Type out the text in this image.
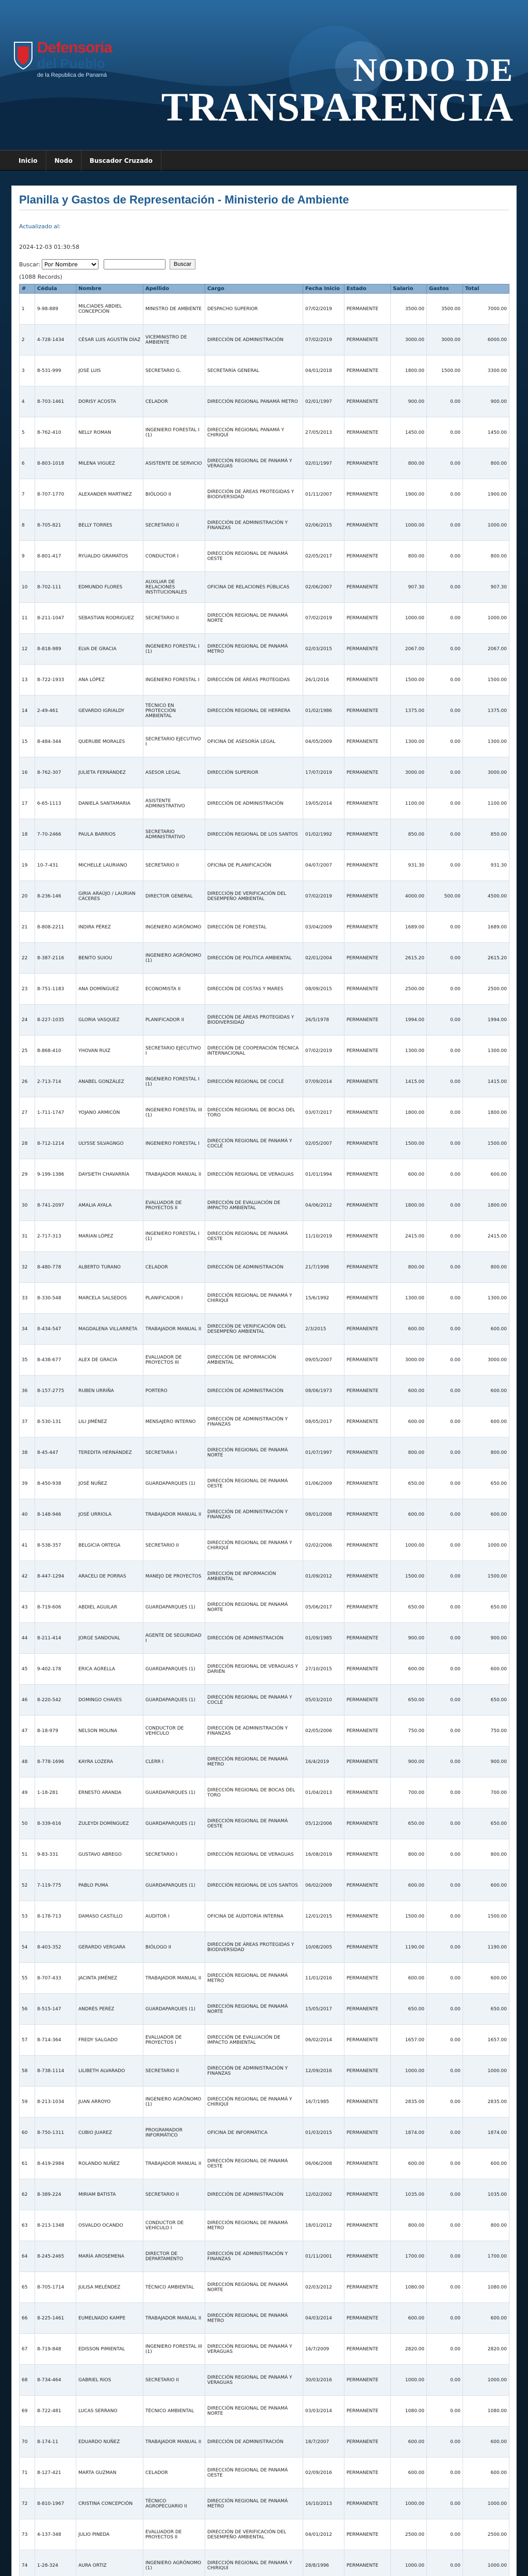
Defensoria
del Pueblo
de la Republica de Panamá	NODO DE
TRANSPARENCIA
Inicio	Nodo	Buscador Cruzado
Planilla y Gastos de Representación - Ministerio de Ambiente
Actualizado al:
2024-12-03 01:30:58
Buscar:
Por Nombre	Buscar
(1088 Records)
#	Cédula	Nombre	Apellido	Cargo	Fecha Inicio	Estado	Salario	Gastos	Total
1	9-98-889	MILCIADES ABDIEL CONCEPCIÓN	MINISTRO DE AMBIENTE	DESPACHO SUPERIOR	07/02/2019	PERMANENTE	3500.00	3500.00	7000.00
2	4-728-1434	CÉSAR LUIS AGUSTÍN DÍAZ	VICEMINISTRO DE AMBIENTE	DIRECCIÓN DE ADMINISTRACIÓN	07/02/2019	PERMANENTE	3000.00	3000.00	6000.00
3	8-531-999	JOSÉ LUIS	SECRETARIO G.	SECRETARÍA GENERAL	04/01/2018	PERMANENTE	1800.00	1500.00	3300.00
4	8-703-1461	DORISY ACOSTA	CELADOR	DIRECCIÓN REGIONAL PANAMÁ METRO	02/01/1997	PERMANENTE	900.00	0.00	900.00
5	8-762-410	NELLY ROMAN	INGENIERO FORESTAL I (1)	DIRECCIÓN REGIONAL PANAMÁ Y CHIRIQUÍ	27/05/2013	PERMANENTE	1450.00	0.00	1450.00
6	8-803-1018	MILENA VIGUEZ	ASISTENTE DE SERVICIO	DIRECCIÓN REGIONAL DE PANAMÁ Y VERAGUAS	02/01/1997	PERMANENTE	800.00	0.00	800.00
7	8-707-1770	ALEXANDER MARTINEZ	BIÓLOGO II	DIRECCIÓN DE ÁREAS PROTEGIDAS Y BIODIVERSIDAD	01/11/2007	PERMANENTE	1900.00	0.00	1900.00
8	8-705-821	BELLY TORRES	SECRETARIO II	DIRECCIÓN DE ADMINISTRACIÓN Y FINANZAS	02/06/2015	PERMANENTE	1000.00	0.00	1000.00
9	8-801-417	RYUALDO GRAMATOS	CONDUCTOR I	DIRECCIÓN REGIONAL DE PANAMÁ OESTE	02/05/2017	PERMANENTE	800.00	0.00	800.00
10	8-702-111	EDMUNDO FLORES	AUXILIAR DE RELACIONES INSTITUCIONALES	OFICINA DE RELACIONES PÚBLICAS	02/06/2007	PERMANENTE	907.30	0.00	907.30
11	8-211-1047	SEBASTIAN RODRIGUEZ	SECRETARIO II	DIRECCIÓN REGIONAL DE PANAMÁ NORTE	07/02/2019	PERMANENTE	1000.00	0.00	1000.00
12	8-818-989	ELVA DE GRACIA	INGENIERO FORESTAL I (1)	DIRECCIÓN REGIONAL DE PANAMÁ METRO	02/03/2015	PERMANENTE	2067.00	0.00	2067.00
13	8-722-1933	ANA LÓPEZ	INGENIERO FORESTAL I	DIRECCIÓN DE ÁREAS PROTEGIDAS	26/1/2016	PERMANENTE	1500.00	0.00	1500.00
14	2-49-461	GEVARDO IGRIALDY	TÉCNICO EN PROTECCIÓN AMBIENTAL	DIRECCIÓN REGIONAL DE HERRERA	01/02/1986	PERMANENTE	1375.00	0.00	1375.00
15	8-484-344	QUERUBE MORALES	SECRETARIO EJECUTIVO I	OFICINA DE ASESORÍA LEGAL	04/05/2009	PERMANENTE	1300.00	0.00	1300.00
16	8-762-307	JULIETA FERNÁNDEZ	ASESOR LEGAL	DIRECCIÓN SUPERIOR	17/07/2019	PERMANENTE	3000.00	0.00	3000.00
17	6-65-1113	DANIELA SANTAMARIA	ASISTENTE ADMINISTRATIVO	DIRECCIÓN DE ADMINISTRACIÓN	19/05/2014	PERMANENTE	1100.00	0.00	1100.00
18	7-70-2466	PAULA BARRIOS	SECRETARIO ADMINISTRATIVO	DIRECCIÓN REGIONAL DE LOS SANTOS	01/02/1992	PERMANENTE	850.00	0.00	850.00
19	10-7-431	MICHELLE LAURIANO	SECRETARIO II	OFICINA DE PLANIFICACIÓN	04/07/2007	PERMANENTE	931.30	0.00	931.30
20	8-236-146	GIRIA ARAÚJO / LAURIAN CÁCERES	DIRECTOR GENERAL	DIRECCIÓN DE VERIFICACIÓN DEL DESEMPEÑO AMBIENTAL	07/02/2019	PERMANENTE	4000.00	500.00	4500.00
21	8-808-2211	INDIRA PÉREZ	INGENIERO AGRÓNOMO	DIRECCIÓN DE FORESTAL	03/04/2009	PERMANENTE	1689.00	0.00	1689.00
22	8-387-2116	BENITO SUIOU	INGENIERO AGRÓNOMO (1)	DIRECCIÓN DE POLÍTICA AMBIENTAL	02/01/2004	PERMANENTE	2615.20	0.00	2615.20
23	8-751-1183	ANA DOMÍNGUEZ	ECONOMISTA II	DIRECCIÓN DE COSTAS Y MARES	08/09/2015	PERMANENTE	2500.00	0.00	2500.00
24	8-227-1035	GLORIA VASQUEZ	PLANIFICADOR II	DIRECCIÓN DE ÁREAS PROTEGIDAS Y BIODIVERSIDAD	26/5/1978	PERMANENTE	1994.00	0.00	1994.00
25	8-868-410	YHOVAN RUIZ	SECRETARIO EJECUTIVO I	DIRECCIÓN DE COOPERACIÓN TÉCNICA INTERNACIONAL	07/02/2019	PERMANENTE	1300.00	0.00	1300.00
26	2-713-714	ANABEL GONZÁLEZ	INGENIERO FORESTAL I (1)	DIRECCIÓN REGIONAL DE COCLÉ	07/09/2014	PERMANENTE	1415.00	0.00	1415.00
27	1-711-1747	YOJANO ARMICÓN	INGENIERO FORESTAL III (1)	DIRECCIÓN REGIONAL DE BOCAS DEL TORO	03/07/2017	PERMANENTE	1800.00	0.00	1800.00
28	8-712-1214	ULYSSE SILVAGNGO	INGENIERO FORESTAL I	DIRECCIÓN REGIONAL DE PANAMÁ Y COCLÉ	02/05/2007	PERMANENTE	1500.00	0.00	1500.00
29	9-199-1386	DAYSIETH CHAVARRÍA	TRABAJADOR MANUAL II	DIRECCIÓN REGIONAL DE VERAGUAS	01/01/1994	PERMANENTE	600.00	0.00	600.00
30	8-741-2097	AMALIA AYALA	EVALUADOR DE PROYECTOS II	DIRECCIÓN DE EVALUACIÓN DE IMPACTO AMBIENTAL	04/06/2012	PERMANENTE	1800.00	0.00	1800.00
31	2-717-313	MARIAN LÓPEZ	INGENIERO FORESTAL I (1)	DIRECCIÓN REGIONAL DE PANAMÁ OESTE	11/10/2019	PERMANENTE	2415.00	0.00	2415.00
32	8-480-778	ALBERTO TURANO	CELADOR	DIRECCIÓN DE ADMINISTRACIÓN	21/7/1998	PERMANENTE	800.00	0.00	800.00
33	8-330-548	MARCELA SALSEDOS	PLANIFICADOR I	DIRECCIÓN REGIONAL DE PANAMÁ Y CHIRIQUÍ	15/6/1992	PERMANENTE	1300.00	0.00	1300.00
34	8-434-547	MAGDALENA VILLARRETA	TRABAJADOR MANUAL II	DIRECCIÓN DE VERIFICACIÓN DEL DESEMPEÑO AMBIENTAL	2/3/2015	PERMANENTE	600.00	0.00	600.00
35	8-438-677	ALEX DE GRACIA	EVALUADOR DE PROYECTOS III	DIRECCIÓN DE INFORMACIÓN AMBIENTAL	09/05/2007	PERMANENTE	3000.00	0.00	3000.00
36	8-157-2775	RUBEN URRIÑA	PORTERO	DIRECCIÓN DE ADMINISTRACIÓN	08/06/1973	PERMANENTE	600.00	0.00	600.00
37	8-530-131	LILI JIMÉNEZ	MENSAJERO INTERNO	DIRECCIÓN DE ADMINISTRACIÓN Y FINANZAS	08/05/2017	PERMANENTE	600.00	0.00	600.00
38	8-45-447	TEREDITA HERNÁNDEZ	SECRETARIA I	DIRECCIÓN REGIONAL DE PANAMÁ NORTE	01/07/1997	PERMANENTE	800.00	0.00	800.00
39	8-450-938	JOSÉ NUÑEZ	GUARDAPARQUES (1)	DIRECCIÓN REGIONAL DE PANAMÁ OESTE	01/06/2009	PERMANENTE	650.00	0.00	650.00
40	8-148-946	JOSÉ URRIOLA	TRABAJADOR MANUAL II	DIRECCIÓN DE ADMINISTRACIÓN Y FINANZAS	08/01/2008	PERMANENTE	600.00	0.00	600.00
41	8-538-357	BELGICIA ORTEGA	SECRETARIO II	DIRECCIÓN REGIONAL DE PANAMÁ Y CHIRIQUÍ	02/02/2006	PERMANENTE	1000.00	0.00	1000.00
42	8-447-1294	ARACELI DE PORRAS	MANEJO DE PROYECTOS	DIRECCIÓN DE INFORMACIÓN AMBIENTAL	01/09/2012	PERMANENTE	1500.00	0.00	1500.00
43	8-719-606	ABDIEL AGUILAR	GUARDAPARQUES (1)	DIRECCIÓN REGIONAL DE PANAMÁ NORTE	05/06/2017	PERMANENTE	650.00	0.00	650.00
44	8-211-414	JORGE SANDOVAL	AGENTE DE SEGURIDAD I	DIRECCIÓN DE ADMINISTRACIÓN	01/09/1985	PERMANENTE	900.00	0.00	900.00
45	9-402-178	ERICA AGRELLA	GUARDAPARQUES (1)	DIRECCIÓN REGIONAL DE VERAGUAS Y DARIÉN	27/10/2015	PERMANENTE	600.00	0.00	600.00
46	8-220-542	DOMINGO CHAVES	GUARDAPARQUES (1)	DIRECCIÓN REGIONAL DE PANAMÁ Y COCLÉ	05/03/2010	PERMANENTE	650.00	0.00	650.00
47	8-18-979	NELSON MOLINA	CONDUCTOR DE VEHÍCULO	DIRECCIÓN DE ADMINISTRACIÓN Y FINANZAS	02/05/2006	PERMANENTE	750.00	0.00	750.00
48	8-778-1696	KAYRA LOZERA	CLERR I	DIRECCIÓN REGIONAL DE PANAMÁ METRO	16/4/2019	PERMANENTE	900.00	0.00	900.00
49	1-18-281	ERNESTO ARANDA	GUARDAPARQUES (1)	DIRECCIÓN REGIONAL DE BOCAS DEL TORO	01/04/2013	PERMANENTE	700.00	0.00	700.00
50	8-339-616	ZULEYDI DOMÍNGUEZ	GUARDAPARQUES (1)	DIRECCIÓN REGIONAL DE PANAMÁ OESTE	05/12/2006	PERMANENTE	650.00	0.00	650.00
51	9-83-331	GUSTAVO ABREGO	SECRETARIO I	DIRECCIÓN REGIONAL DE VERAGUAS	16/08/2019	PERMANENTE	800.00	0.00	800.00
52	7-119-775	PABLO PUMA	GUARDAPARQUES (1)	DIRECCIÓN REGIONAL DE LOS SANTOS	06/02/2009	PERMANENTE	600.00	0.00	600.00
53	8-178-713	DAMASO CASTILLO	AUDITOR I	OFICINA DE AUDITORÍA INTERNA	12/01/2015	PERMANENTE	1500.00	0.00	1500.00
54	8-403-352	GERARDO VERGARA	BIÓLOGO II	DIRECCIÓN DE ÁREAS PROTEGIDAS Y BIODIVERSIDAD	10/08/2005	PERMANENTE	1190.00	0.00	1190.00
55	8-707-433	JACINTA JIMÉNEZ	TRABAJADOR MANUAL II	DIRECCIÓN REGIONAL DE PANAMÁ METRO	11/01/2016	PERMANENTE	600.00	0.00	600.00
56	8-515-147	ANDRÉS PERÉZ	GUARDAPARQUES (1)	DIRECCIÓN REGIONAL DE PANAMÁ NORTE	15/05/2017	PERMANENTE	650.00	0.00	650.00
57	8-714-364	FREDY SALGADO	EVALUADOR DE PROYECTOS I	DIRECCIÓN DE EVALUACIÓN DE IMPACTO AMBIENTAL	06/02/2014	PERMANENTE	1657.00	0.00	1657.00
58	8-738-1114	LILIBETH ALVARADO	SECRETARIO II	DIRECCIÓN DE ADMINISTRACIÓN Y FINANZAS	12/09/2016	PERMANENTE	1000.00	0.00	1000.00
59	8-213-1034	JUAN ARROYO	INGENIERO AGRÓNOMO (1)	DIRECCIÓN REGIONAL DE PANAMÁ Y CHIRIQUÍ	16/7/1985	PERMANENTE	2835.00	0.00	2835.00
60	8-750-1311	CUBIO JUAREZ	PROGRAMADOR INFORMÁTICO	OFICINA DE INFORMÁTICA	01/03/2015	PERMANENTE	1874.00	0.00	1874.00
61	8-419-2984	ROLANDO NUÑEZ	TRABAJADOR MANUAL II	DIRECCIÓN REGIONAL DE PANAMÁ OESTE	06/06/2008	PERMANENTE	600.00	0.00	600.00
62	8-389-224	MIRIAM BATISTA	SECRETARIO II	DIRECCIÓN DE ADMINISTRACIÓN	12/02/2002	PERMANENTE	1035.00	0.00	1035.00
63	8-213-1348	OSVALDO OCANDO	CONDUCTOR DE VEHÍCULO I	DIRECCIÓN REGIONAL DE PANAMÁ METRO	18/01/2012	PERMANENTE	800.00	0.00	800.00
64	8-245-2465	MARÍA AROSEMENA	DIRECTOR DE DEPARTAMENTO	DIRECCIÓN DE ADMINISTRACIÓN Y FINANZAS	01/11/2001	PERMANENTE	1700.00	0.00	1700.00
65	8-705-1714	JULISA MELÉNDEZ	TÉCNICO AMBIENTAL	DIRECCIÓN REGIONAL DE PANAMÁ NORTE	02/03/2012	PERMANENTE	1080.00	0.00	1080.00
66	8-225-1461	EUMELNADO KAMPE	TRABAJADOR MANUAL II	DIRECCIÓN REGIONAL DE PANAMÁ METRO	04/03/2014	PERMANENTE	600.00	0.00	600.00
67	8-719-848	EDISSON PIMIENTAL	INGENIERO FORESTAL III (1)	DIRECCIÓN REGIONAL DE PANAMÁ Y VERAGUAS	16/7/2009	PERMANENTE	2820.00	0.00	2820.00
68	8-734-464	GABRIEL RIOS	SECRETARIO II	DIRECCIÓN REGIONAL DE PANAMÁ Y VERAGUAS	30/03/2016	PERMANENTE	1000.00	0.00	1000.00
69	8-722-481	LUCAS SERRANO	TÉCNICO AMBIENTAL	DIRECCIÓN REGIONAL DE PANAMÁ NORTE	03/03/2014	PERMANENTE	1080.00	0.00	1080.00
70	8-174-11	EDUARDO NUÑEZ	TRABAJADOR MANUAL II	DIRECCIÓN DE ADMINISTRACIÓN	18/7/2007	PERMANENTE	600.00	0.00	600.00
71	8-127-421	MARTA GUZMAN	CELADOR	DIRECCIÓN REGIONAL DE PANAMÁ OESTE	02/09/2016	PERMANENTE	600.00	0.00	600.00
72	8-810-1967	CRISTINA CONCEPCIÓN	TÉCNICO AGROPECUARIO II	DIRECCIÓN REGIONAL DE PANAMÁ METRO	16/10/2013	PERMANENTE	1000.00	0.00	1000.00
73	4-137-348	JULIO PINEDA	EVALUADOR DE PROYECTOS II	DIRECCIÓN DE VERIFICACIÓN DEL DESEMPEÑO AMBIENTAL	04/01/2012	PERMANENTE	2500.00	0.00	2500.00
74	1-28-324	AURA ORTIZ	INGENIERO AGRÓNOMO (1)	DIRECCIÓN REGIONAL DE PANAMÁ Y CHIRIQUÍ	28/8/1996	PERMANENTE	1000.00	0.00	1000.00
